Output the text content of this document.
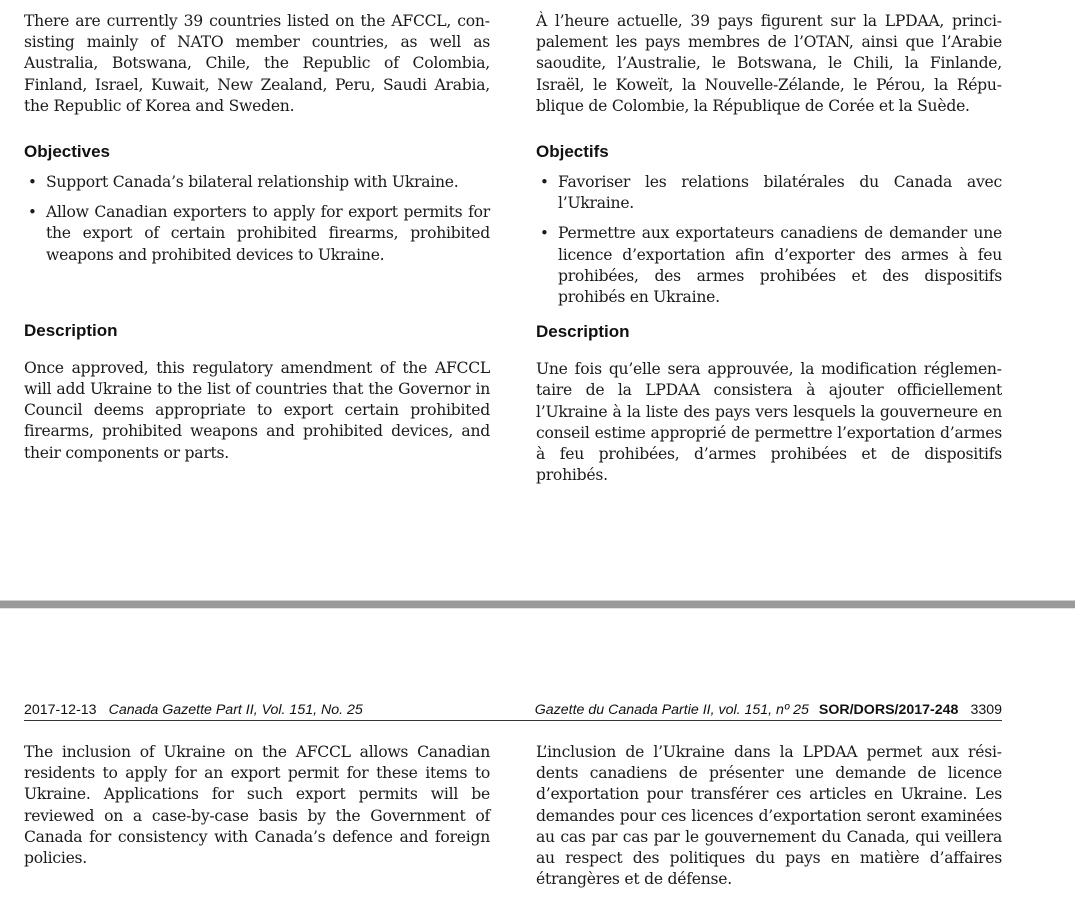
There are currently 39 countries listed on the AFCCL, consisting mainly of NATO member countries, as well as Australia, Botswana, Chile, the Republic of Colombia, Finland, Israel, Kuwait, New Zealand, Peru, Saudi Arabia, the Republic of Korea and Sweden.

Objectives
• Support Canada’s bilateral relationship with Ukraine.
• Allow Canadian exporters to apply for export permits for the export of certain prohibited firearms, prohibited weapons and prohibited devices to Ukraine.
Description

Once approved, this regulatory amendment of the AFCCL will add Ukraine to the list of countries that the Governor in Council deems appropriate to export certain prohibited firearms, prohibited weapons and prohibited devices, and their components or parts.

À l’heure actuelle, 39 pays figurent sur la LPDAA, principalement les pays membres de l’OTAN, ainsi que l’Arabie saoudite, l’Australie, le Botswana, le Chili, la Finlande, Israël, le Koweït, la Nouvelle-Zélande, le Pérou, la République de Colombie, la République de Corée et la Suède.

Objectifs
• Favoriser les relations bilatérales du Canada avec l’Ukraine.
• Permettre aux exportateurs canadiens de demander une licence d’exportation afin d’exporter des armes à feu prohibées, des armes prohibées et des dispositifs prohibés en Ukraine.
Description

Une fois qu’elle sera approuvée, la modification réglementaire de la LPDAA consistera à ajouter officiellement l’Ukraine à la liste des pays vers lesquels la gouverneure en conseil estime approprié de permettre l’exportation d’armes à feu prohibées, d’armes prohibées et de dispositifs prohibés.

2017-12-13 Canada Gazette Part II, Vol. 151, No. 25	Gazette du Canada Partie II, vol. 151, nº 25 SOR/DORS/2017-248 3309

The inclusion of Ukraine on the AFCCL allows Canadian residents to apply for an export permit for these items to Ukraine. Applications for such export permits will be reviewed on a case-by-case basis by the Government of Canada for consistency with Canada’s defence and foreign policies.

L’inclusion de l’Ukraine dans la LPDAA permet aux résidents canadiens de présenter une demande de licence d’exportation pour transférer ces articles en Ukraine. Les demandes pour ces licences d’exportation seront examinées au cas par cas par le gouvernement du Canada, qui veillera au respect des politiques du pays en matière d’affaires étrangères et de défense.
